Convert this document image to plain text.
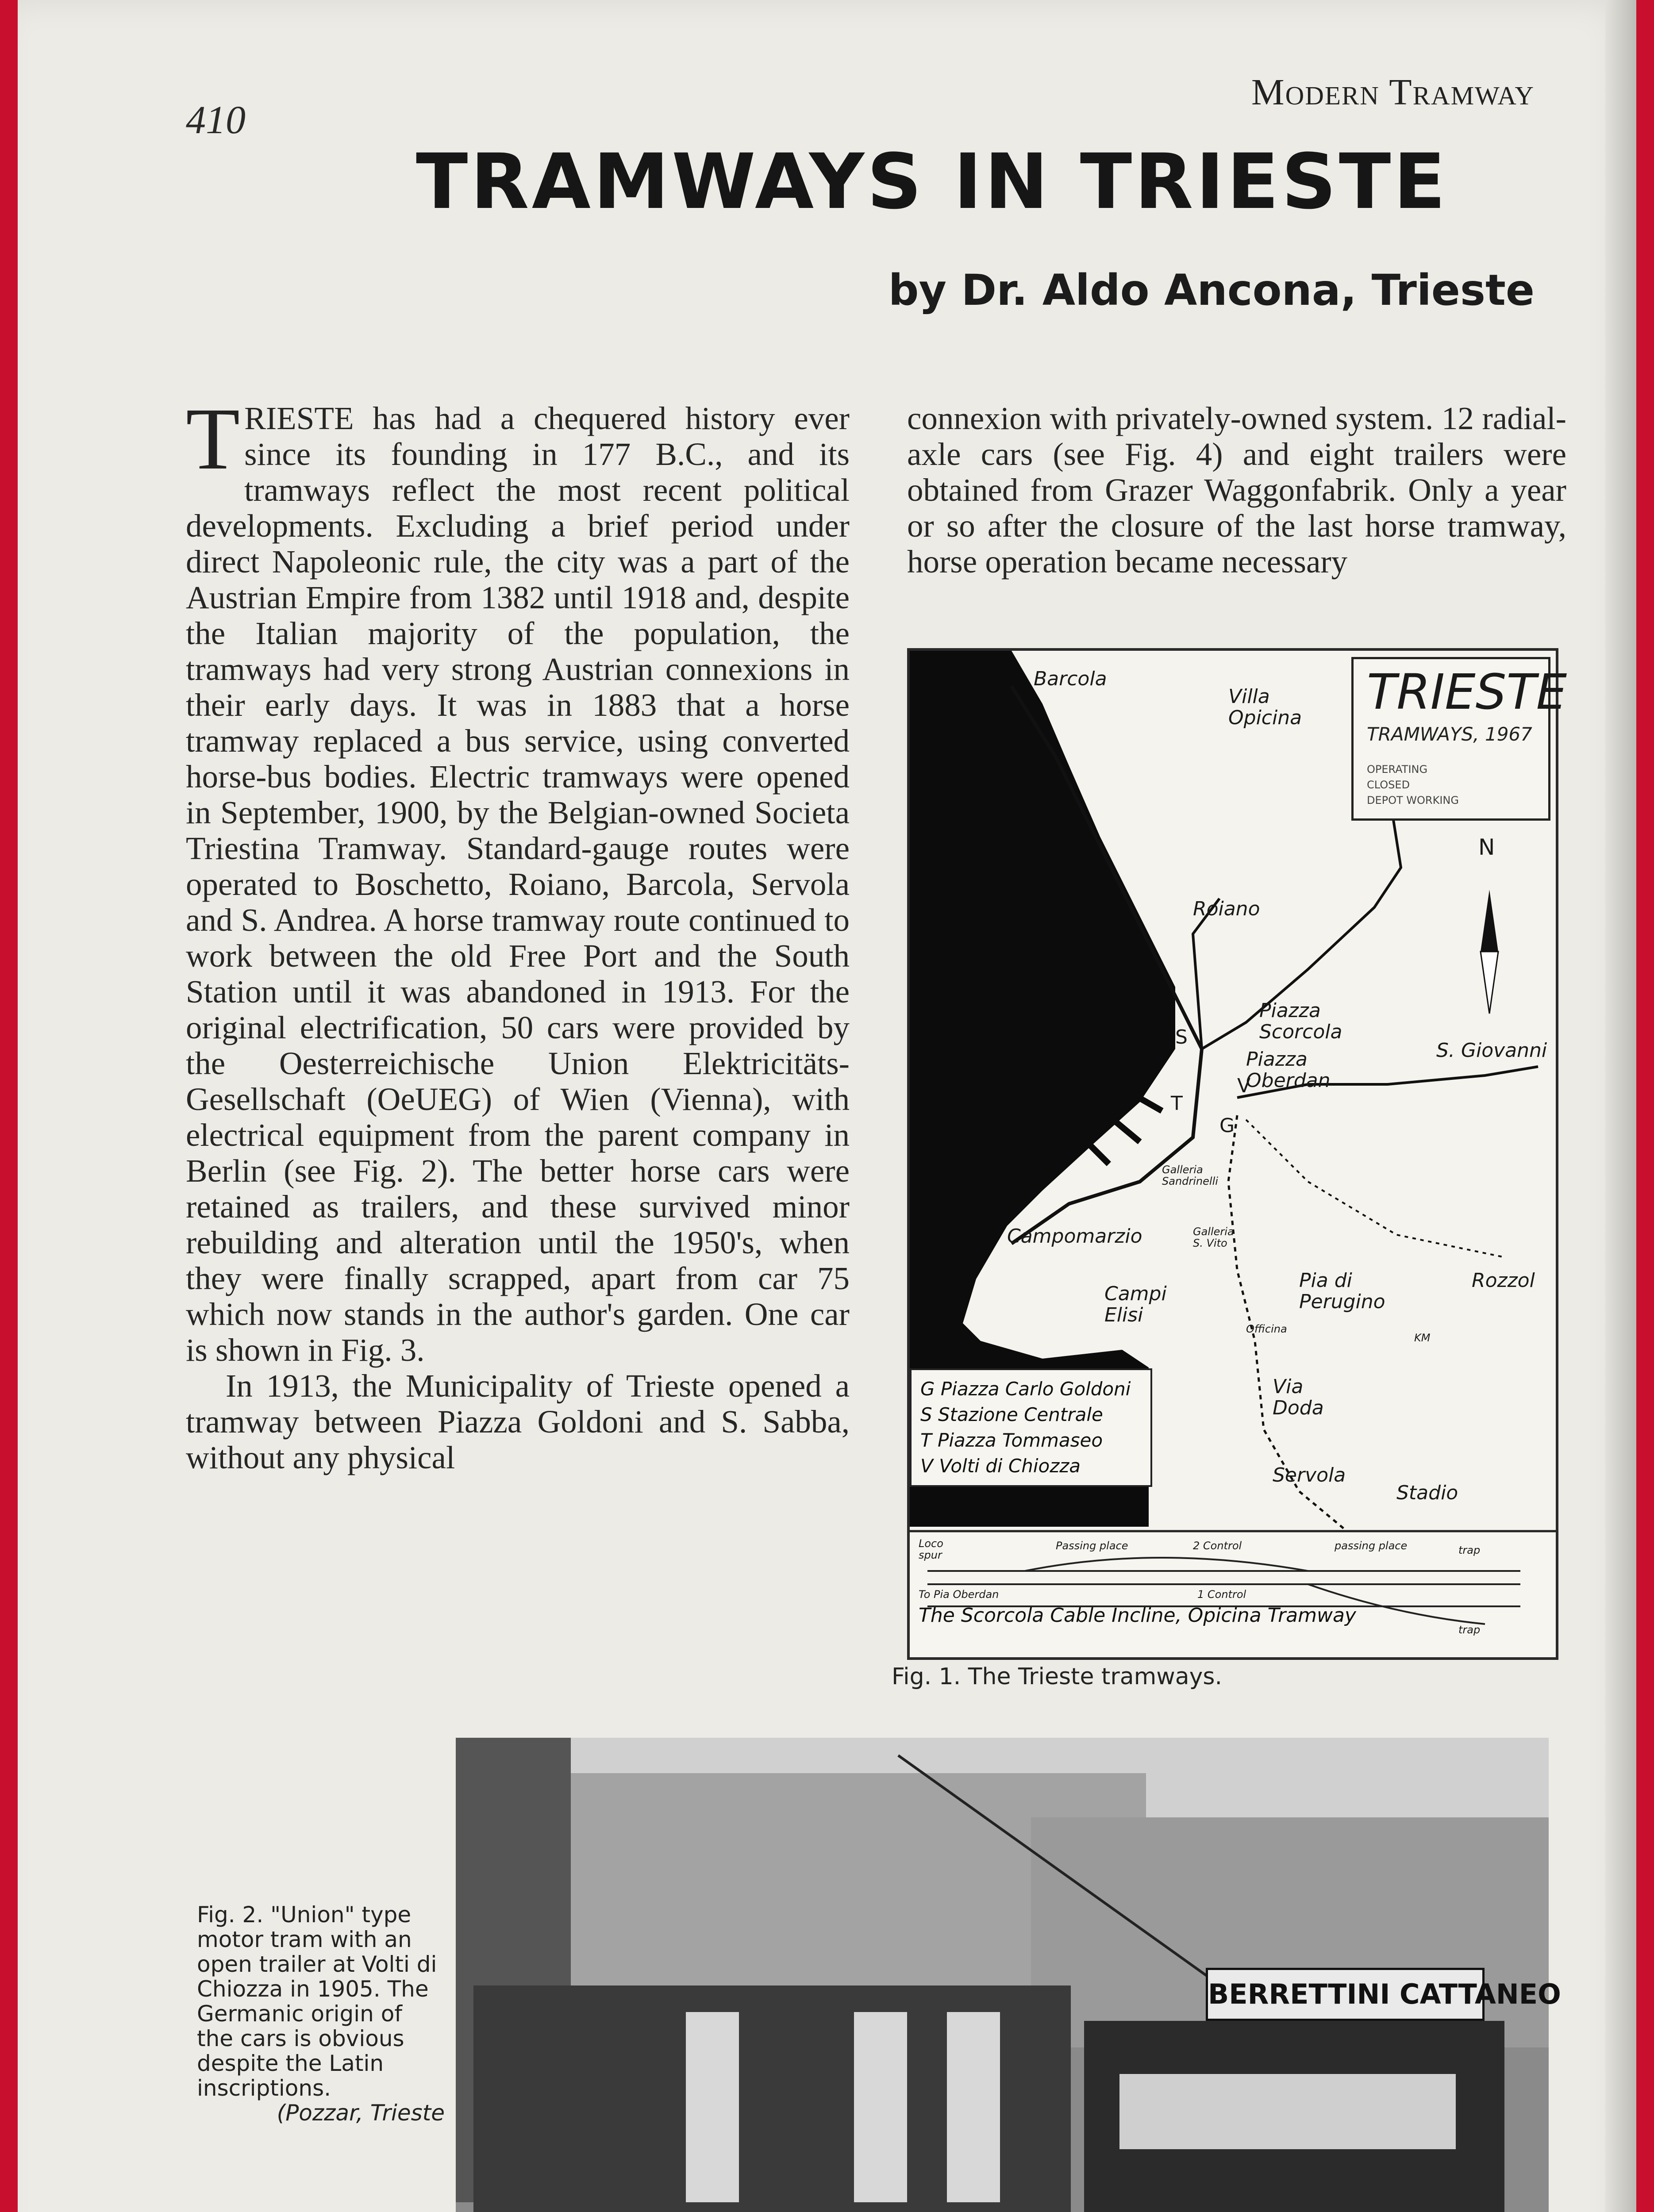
410
Modern Tramway
TRAMWAYS IN TRIESTE
by Dr. Aldo Ancona, Trieste

TRIESTE has had a chequered history ever since its founding in 177 B.C., and its tramways reflect the most recent political developments. Excluding a brief period under direct Napoleonic rule, the city was a part of the Austrian Empire from 1382 until 1918 and, despite the Italian majority of the population, the tramways had very strong Austrian connexions in their early days. It was in 1883 that a horse tramway replaced a bus service, using converted horse-bus bodies. Electric tramways were opened in September, 1900, by the Belgian-owned Societa Triestina Tramway. Standard-gauge routes were operated to Boschetto, Roiano, Barcola, Servola and S. Andrea. A horse tramway route continued to work between the old Free Port and the South Station until it was abandoned in 1913. For the original electrification, 50 cars were provided by the Oesterreichische Union Elektricitäts-Gesellschaft (OeUEG) of Wien (Vienna), with electrical equipment from the parent company in Berlin (see Fig. 2). The better horse cars were retained as trailers, and these survived minor rebuilding and alteration until the 1950's, when they were finally scrapped, apart from car 75 which now stands in the author's garden. One car is shown in Fig. 3.

In 1913, the Municipality of Trieste opened a tramway between Piazza Goldoni and S. Sabba, without any physical

connexion with privately-owned system. 12 radial-axle cars (see Fig. 4) and eight trailers were obtained from Grazer Waggonfabrik. Only a year or so after the closure of the last horse tramway, horse operation became necessary

TRIESTE
TRAMWAYS, 1967
OPERATING
CLOSED
DEPOT WORKING
N
Barcola
Villa Opicina
Roiano
Piazza Scorcola
S. Giovanni
Piazza Oberdan
Galleria Sandrinelli
Campomarzio	Galleria S. Vito
Pia di Perugino
Rozzol
Campi Elisi
Officina
KM
Via Doda
Servola
Stadio
S
T
V
G
G Piazza Carlo Goldoni
S Stazione Centrale
T Piazza Tommaseo
V Volti di Chiozza
Loco spur
Passing place	2 Control	passing place	trap
To Pia Oberdan	1 Control
trap
The Scorcola Cable Incline, Opicina Tramway
Fig. 1. The Trieste tramways.
Fig. 2. "Union" type motor tram with an open trailer at Volti di Chiozza in 1905. The Germanic origin of the cars is obvious despite the Latin inscriptions.
(Pozzar, Trieste
BERRETTINI CATTANEO
